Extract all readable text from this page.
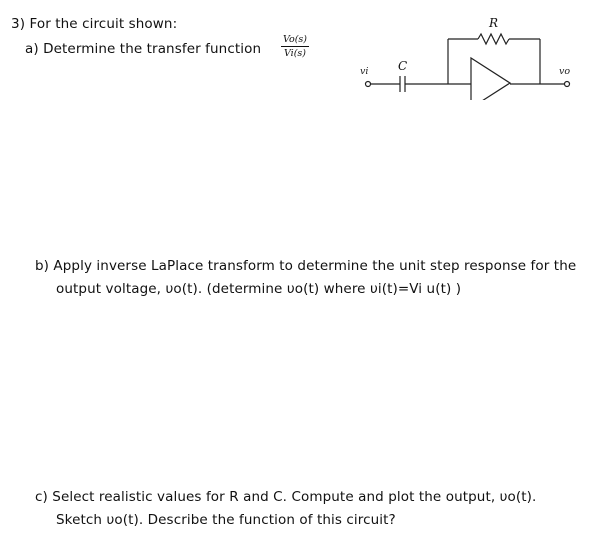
3) For the circuit shown:
a) Determine the transfer function
Vo(s)
Vi(s)
R
C
vi	vo
b) Apply inverse LaPlace transform to determine the unit step response for the
output voltage, υo(t). (determine υo(t) where υi(t)=Vi u(t) )
c) Select realistic values for R and C. Compute and plot the output, υo(t).
Sketch υo(t). Describe the function of this circuit?
